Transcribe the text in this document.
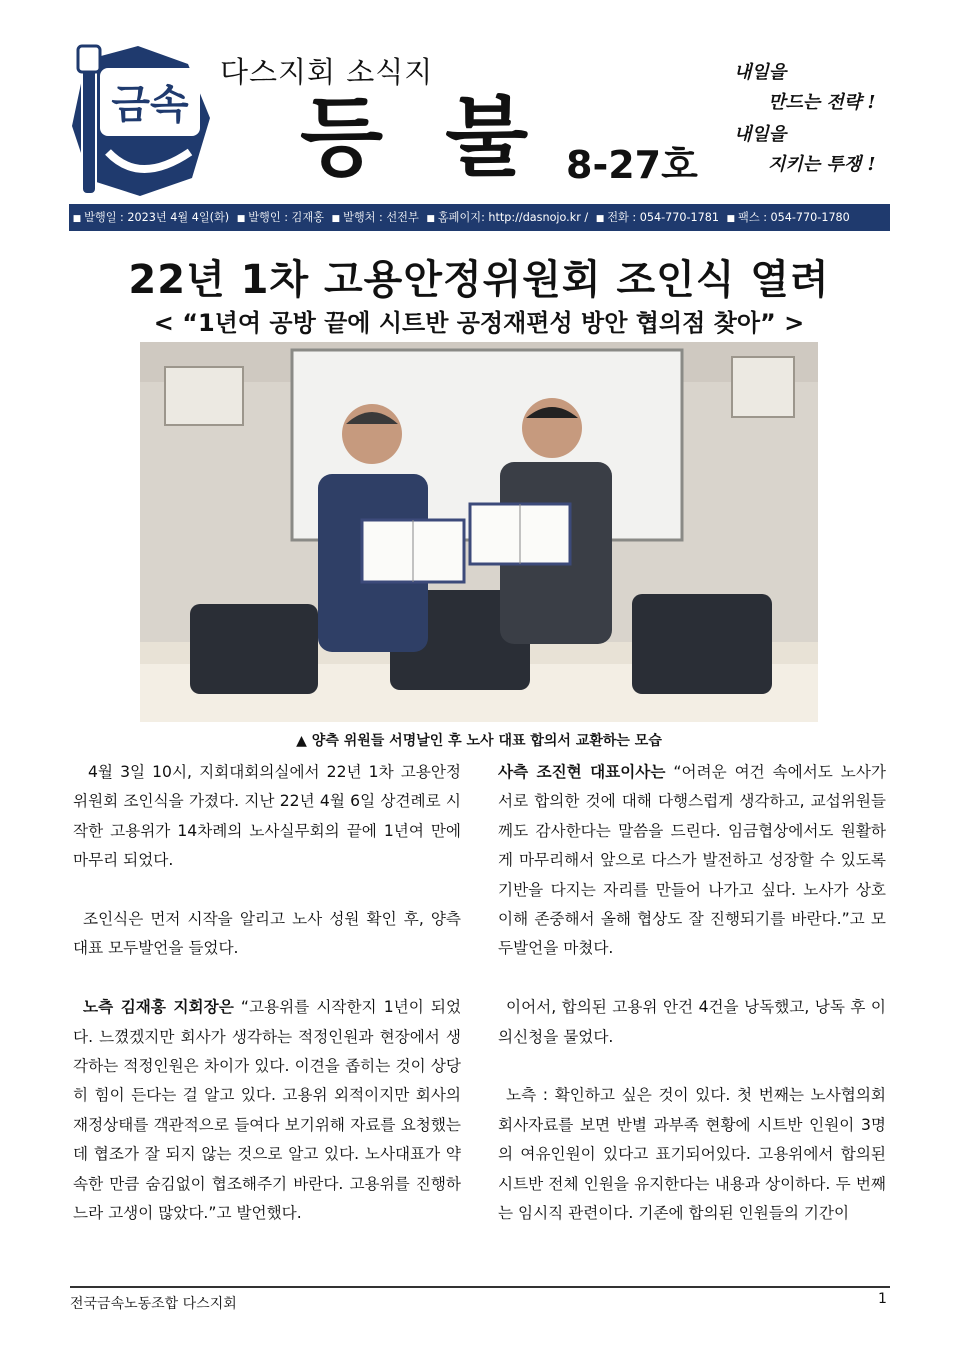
금속
다스지회 소식지
등불
8-27호
내일을
만드는 전략 !
내일을
지키는 투쟁 !
■ 발행일 : 2023년 4월 4일(화) ■ 발행인 : 김재홍 ■ 발행처 : 선전부 ■ 홈페이지: http://dasnojo.kr / ■ 전화 : 054-770-1781 ■ 팩스 : 054-770-1780
22년 1차 고용안정위원회 조인식 열려
< “1년여 공방 끝에 시트반 공정재편성 방안 협의점 찾아” >
▲ 양측 위원들 서명날인 후 노사 대표 합의서 교환하는 모습

4월 3일 10시, 지회대회의실에서 22년 1차 고용안정위원회 조인식을 가졌다. 지난 22년 4월 6일 상견례로 시작한 고용위가 14차례의 노사실무회의 끝에 1년여 만에 마무리 되었다.

조인식은 먼저 시작을 알리고 노사 성원 확인 후, 양측 대표 모두발언을 들었다.

노측 김재홍 지회장은 “고용위를 시작한지 1년이 되었다. 느꼈겠지만 회사가 생각하는 적정인원과 현장에서 생각하는 적정인원은 차이가 있다. 이견을 좁히는 것이 상당히 힘이 든다는 걸 알고 있다. 고용위 외적이지만 회사의 재정상태를 객관적으로 들여다 보기위해 자료를 요청했는데 협조가 잘 되지 않는 것으로 알고 있다. 노사대표가 약속한 만큼 숨김없이 협조해주기 바란다. 고용위를 진행하느라 고생이 많았다.”고 발언했다.

사측 조진현 대표이사는 “어려운 여건 속에서도 노사가 서로 합의한 것에 대해 다행스럽게 생각하고, 교섭위원들께도 감사한다는 말씀을 드린다. 임금협상에서도 원활하게 마무리해서 앞으로 다스가 발전하고 성장할 수 있도록 기반을 다지는 자리를 만들어 나가고 싶다. 노사가 상호 이해 존중해서 올해 협상도 잘 진행되기를 바란다.”고 모두발언을 마쳤다.

이어서, 합의된 고용위 안건 4건을 낭독했고, 낭독 후 이의신청을 물었다.

노측 : 확인하고 싶은 것이 있다. 첫 번째는 노사협의회 회사자료를 보면 반별 과부족 현황에 시트반 인원이 3명의 여유인원이 있다고 표기되어있다. 고용위에서 합의된 시트반 전체 인원을 유지한다는 내용과 상이하다. 두 번째는 임시직 관련이다. 기존에 합의된 인원들의 기간이

전국금속노동조합 다스지회	1
